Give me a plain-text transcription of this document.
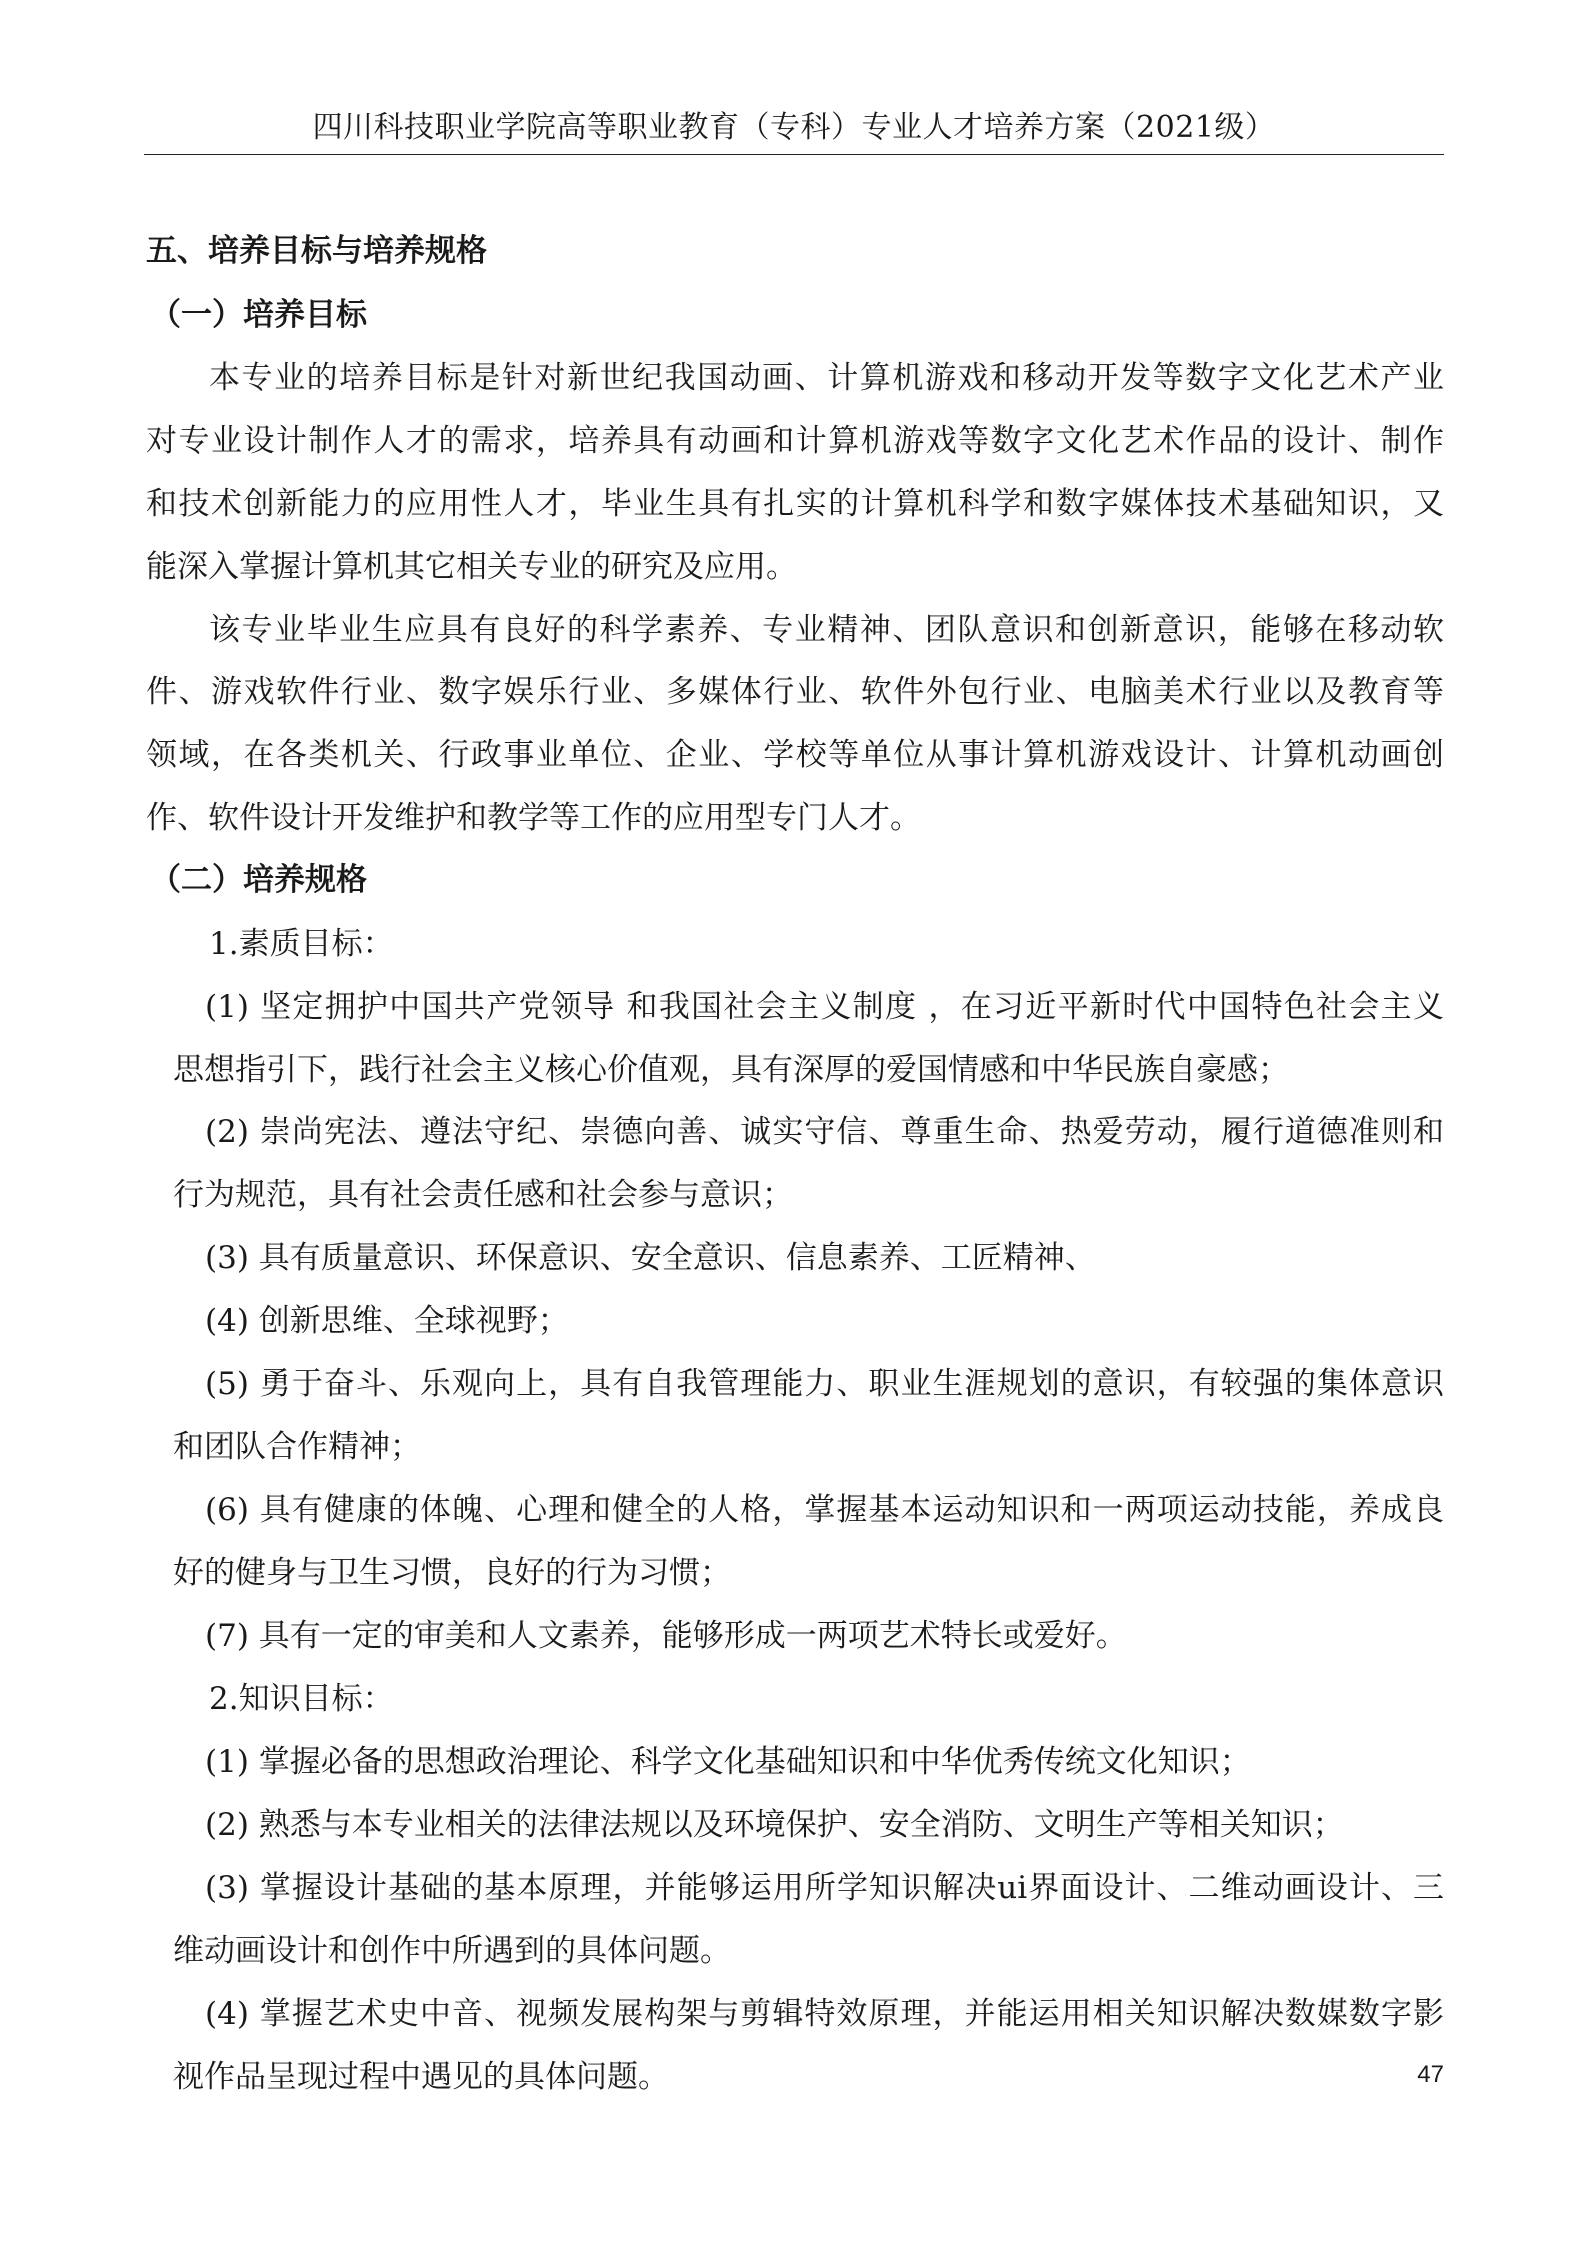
四川科技职业学院高等职业教育（专科）专业人才培养方案（2021级）
五、培养目标与培养规格
（一）培养目标
本专业的培养目标是针对新世纪我国动画、计算机游戏和移动开发等数字文化艺术产业
对专业设计制作人才的需求，培养具有动画和计算机游戏等数字文化艺术作品的设计、制作
和技术创新能力的应用性人才，毕业生具有扎实的计算机科学和数字媒体技术基础知识，又
能深入掌握计算机其它相关专业的研究及应用。
该专业毕业生应具有良好的科学素养、专业精神、团队意识和创新意识，能够在移动软
件、游戏软件行业、数字娱乐行业、多媒体行业、软件外包行业、电脑美术行业以及教育等
领域，在各类机关、行政事业单位、企业、学校等单位从事计算机游戏设计、计算机动画创
作、软件设计开发维护和教学等工作的应用型专门人才。
（二）培养规格
1.素质目标：
(1) 坚定拥护中国共产党领导 和我国社会主义制度 ，在习近平新时代中国特色社会主义
思想指引下，践行社会主义核心价值观，具有深厚的爱国情感和中华民族自豪感；
(2) 崇尚宪法、遵法守纪、崇德向善、诚实守信、尊重生命、热爱劳动，履行道德准则和
行为规范，具有社会责任感和社会参与意识；
(3) 具有质量意识、环保意识、安全意识、信息素养、工匠精神、
(4) 创新思维、全球视野；
(5) 勇于奋斗、乐观向上，具有自我管理能力、职业生涯规划的意识，有较强的集体意识
和团队合作精神；
(6) 具有健康的体魄、心理和健全的人格，掌握基本运动知识和一两项运动技能，养成良
好的健身与卫生习惯，良好的行为习惯；
(7) 具有一定的审美和人文素养，能够形成一两项艺术特长或爱好。
2.知识目标：
(1) 掌握必备的思想政治理论、科学文化基础知识和中华优秀传统文化知识；
(2) 熟悉与本专业相关的法律法规以及环境保护、安全消防、文明生产等相关知识；
(3) 掌握设计基础的基本原理，并能够运用所学知识解决ui界面设计、二维动画设计、三
维动画设计和创作中所遇到的具体问题。
(4) 掌握艺术史中音、视频发展构架与剪辑特效原理，并能运用相关知识解决数媒数字影
视作品呈现过程中遇见的具体问题。	47
